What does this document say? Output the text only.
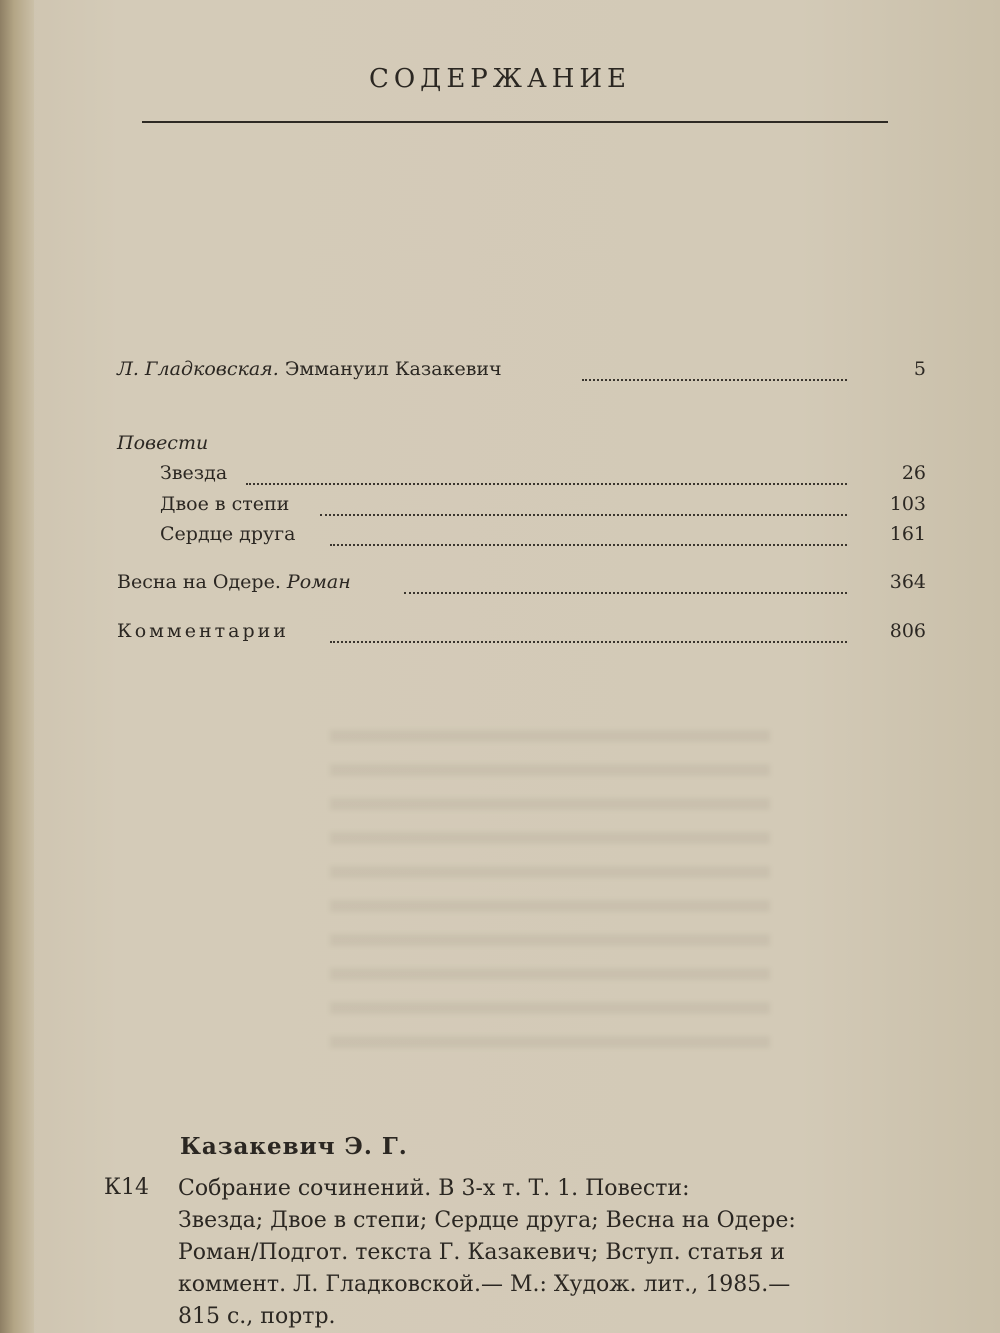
СОДЕРЖАНИЕ
Л. Гладковская. Эммануил Казакевич	5
Повести
Звезда	26
Двое в степи	103
Сердце друга	161
Весна на Одере. Роман	364
Комментарии	806
Казакевич Э. Г.
К14 Собрание сочинений. В 3-х т. Т. 1. Повести:
Звезда; Двое в степи; Сердце друга; Весна на Одере:
Роман/Подгот. текста Г. Казакевич; Вступ. статья и
коммент. Л. Гладковской.— М.: Худож. лит., 1985.—
815 с., портр.
